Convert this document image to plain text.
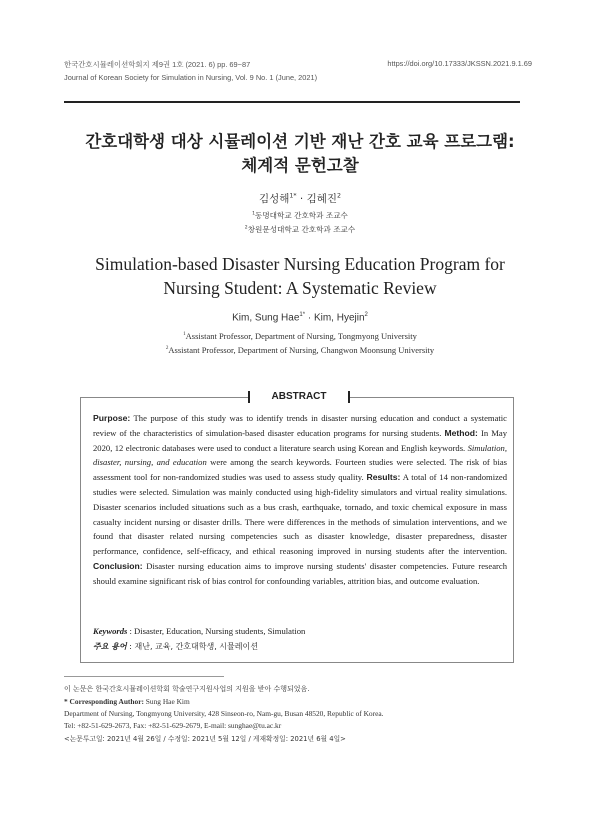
한국간호시뮬레이션학회지 제9권 1호 (2021. 6) pp. 69~87
Journal of Korean Society for Simulation in Nursing, Vol. 9 No. 1 (June, 2021)
https://doi.org/10.17333/JKSSN.2021.9.1.69
간호대학생 대상 시뮬레이션 기반 재난 간호 교육 프로그램:
체계적 문헌고찰
김성해$^{1*}$ · 김혜진$^2$
$^1$동명대학교 간호학과 조교수
$^2$창원문성대학교 간호학과 조교수
Simulation-based Disaster Nursing Education Program for
Nursing Student: A Systematic Review
Kim, Sung Hae$^{1*}$ · Kim, Hyejin$^2$
$^1$Assistant Professor, Department of Nursing, Tongmyong University
$^2$Assistant Professor, Department of Nursing, Changwon Moonsung University
ABSTRACT
Purpose: The purpose of this study was to identify trends in disaster nursing education and conduct a systematic review of the characteristics of simulation-based disaster education programs for nursing students. Method: In May 2020, 12 electronic databases were used to conduct a literature search using Korean and English keywords. Simulation, disaster, nursing, and education were among the search keywords. Fourteen studies were selected. The risk of bias assessment tool for non-randomized studies was used to assess study quality. Results: A total of 14 non-randomized studies were selected. Simulation was mainly conducted using high-fidelity simulators and virtual reality simulations. Disaster scenarios included situations such as a bus crash, earthquake, tornado, and toxic chemical exposure in mass casualty incident nursing or disaster drills. There were differences in the methods of simulation interventions, and we found that disaster related nursing competencies such as disaster knowledge, disaster preparedness, disaster performance, confidence, self-efficacy, and ethical reasoning improved in nursing students after the intervention. Conclusion: Disaster nursing education aims to improve nursing students' disaster competencies. Future research should examine significant risk of bias control for confounding variables, attrition bias, and outcome evaluation.
Keywords : Disaster, Education, Nursing students, Simulation
주요 용어 : 재난, 교육, 간호대학생, 시뮬레이션
이 논문은 한국간호시뮬레이션학회 학술연구지원사업의 지원을 받아 수행되었음.
* Corresponding Author: Sung Hae Kim
Department of Nursing, Tongmyong University, 428 Sinseon-ro, Nam-gu, Busan 48520, Republic of Korea.
Tel: +82-51-629-2673, Fax: +82-51-629-2679, E-mail: sunghae@tu.ac.kr
<논문투고일: 2021년 4월 26일 / 수정일: 2021년 5월 12일 / 게재확정일: 2021년 6월 4일>
